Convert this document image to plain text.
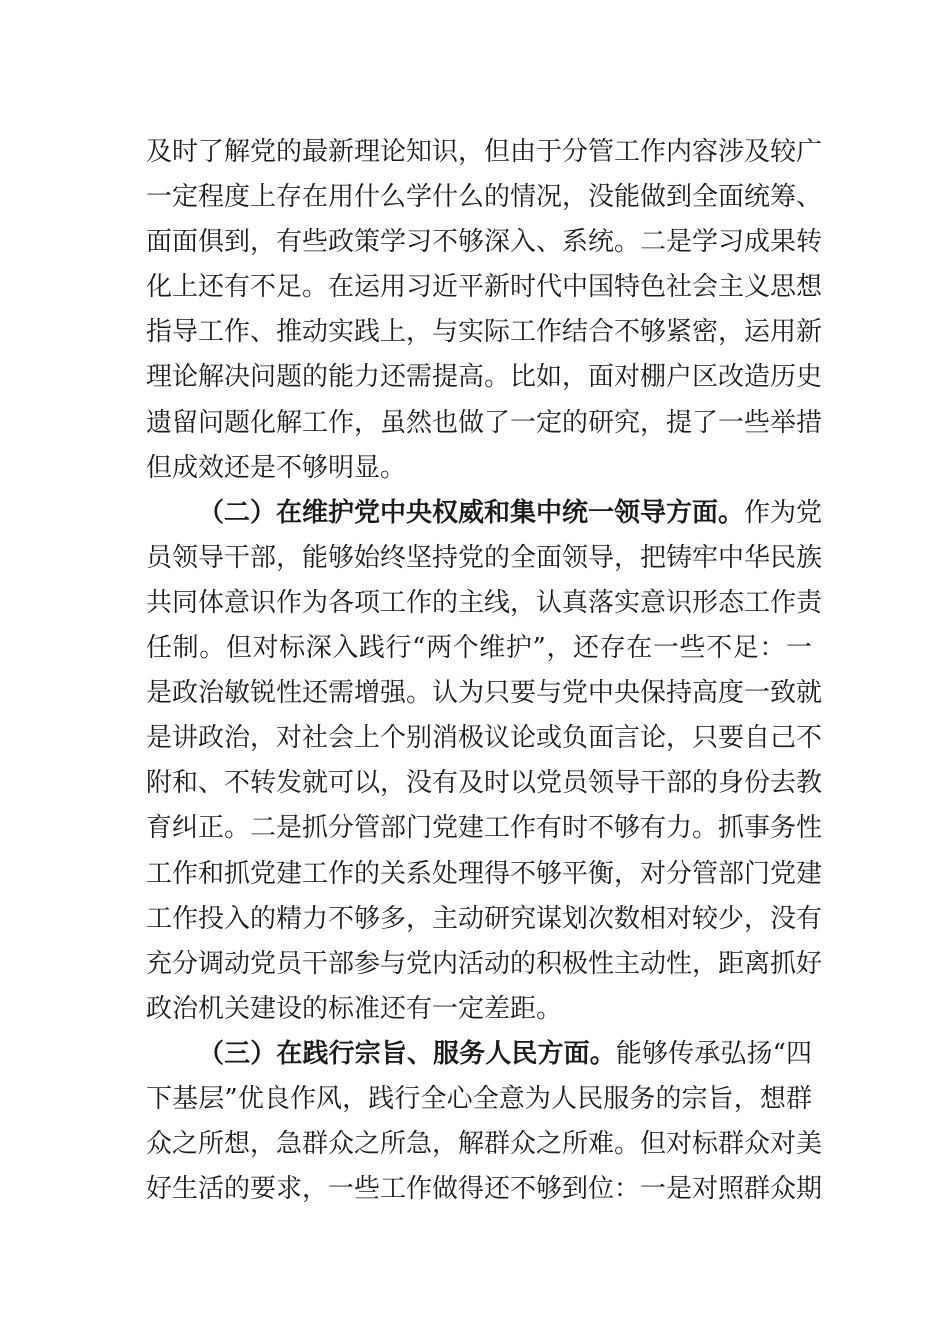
及时了解党的最新理论知识，但由于分管工作内容涉及较广
一定程度上存在用什么学什么的情况，没能做到全面统筹、
面面俱到，有些政策学习不够深入、系统。二是学习成果转
化上还有不足。在运用习近平新时代中国特色社会主义思想
指导工作、推动实践上，与实际工作结合不够紧密，运用新
理论解决问题的能力还需提高。比如，面对棚户区改造历史
遗留问题化解工作，虽然也做了一定的研究，提了一些举措
但成效还是不够明显。
（二）在维护党中央权威和集中统一领导方面。作为党
员领导干部，能够始终坚持党的全面领导，把铸牢中华民族
共同体意识作为各项工作的主线，认真落实意识形态工作责
任制。但对标深入践行“两个维护”，还存在一些不足：一
是政治敏锐性还需增强。认为只要与党中央保持高度一致就
是讲政治，对社会上个别消极议论或负面言论，只要自己不
附和、不转发就可以，没有及时以党员领导干部的身份去教
育纠正。二是抓分管部门党建工作有时不够有力。抓事务性
工作和抓党建工作的关系处理得不够平衡，对分管部门党建
工作投入的精力不够多，主动研究谋划次数相对较少，没有
充分调动党员干部参与党内活动的积极性主动性，距离抓好
政治机关建设的标准还有一定差距。
（三）在践行宗旨、服务人民方面。能够传承弘扬“四
下基层”优良作风，践行全心全意为人民服务的宗旨，想群
众之所想，急群众之所急，解群众之所难。但对标群众对美
好生活的要求，一些工作做得还不够到位：一是对照群众期
